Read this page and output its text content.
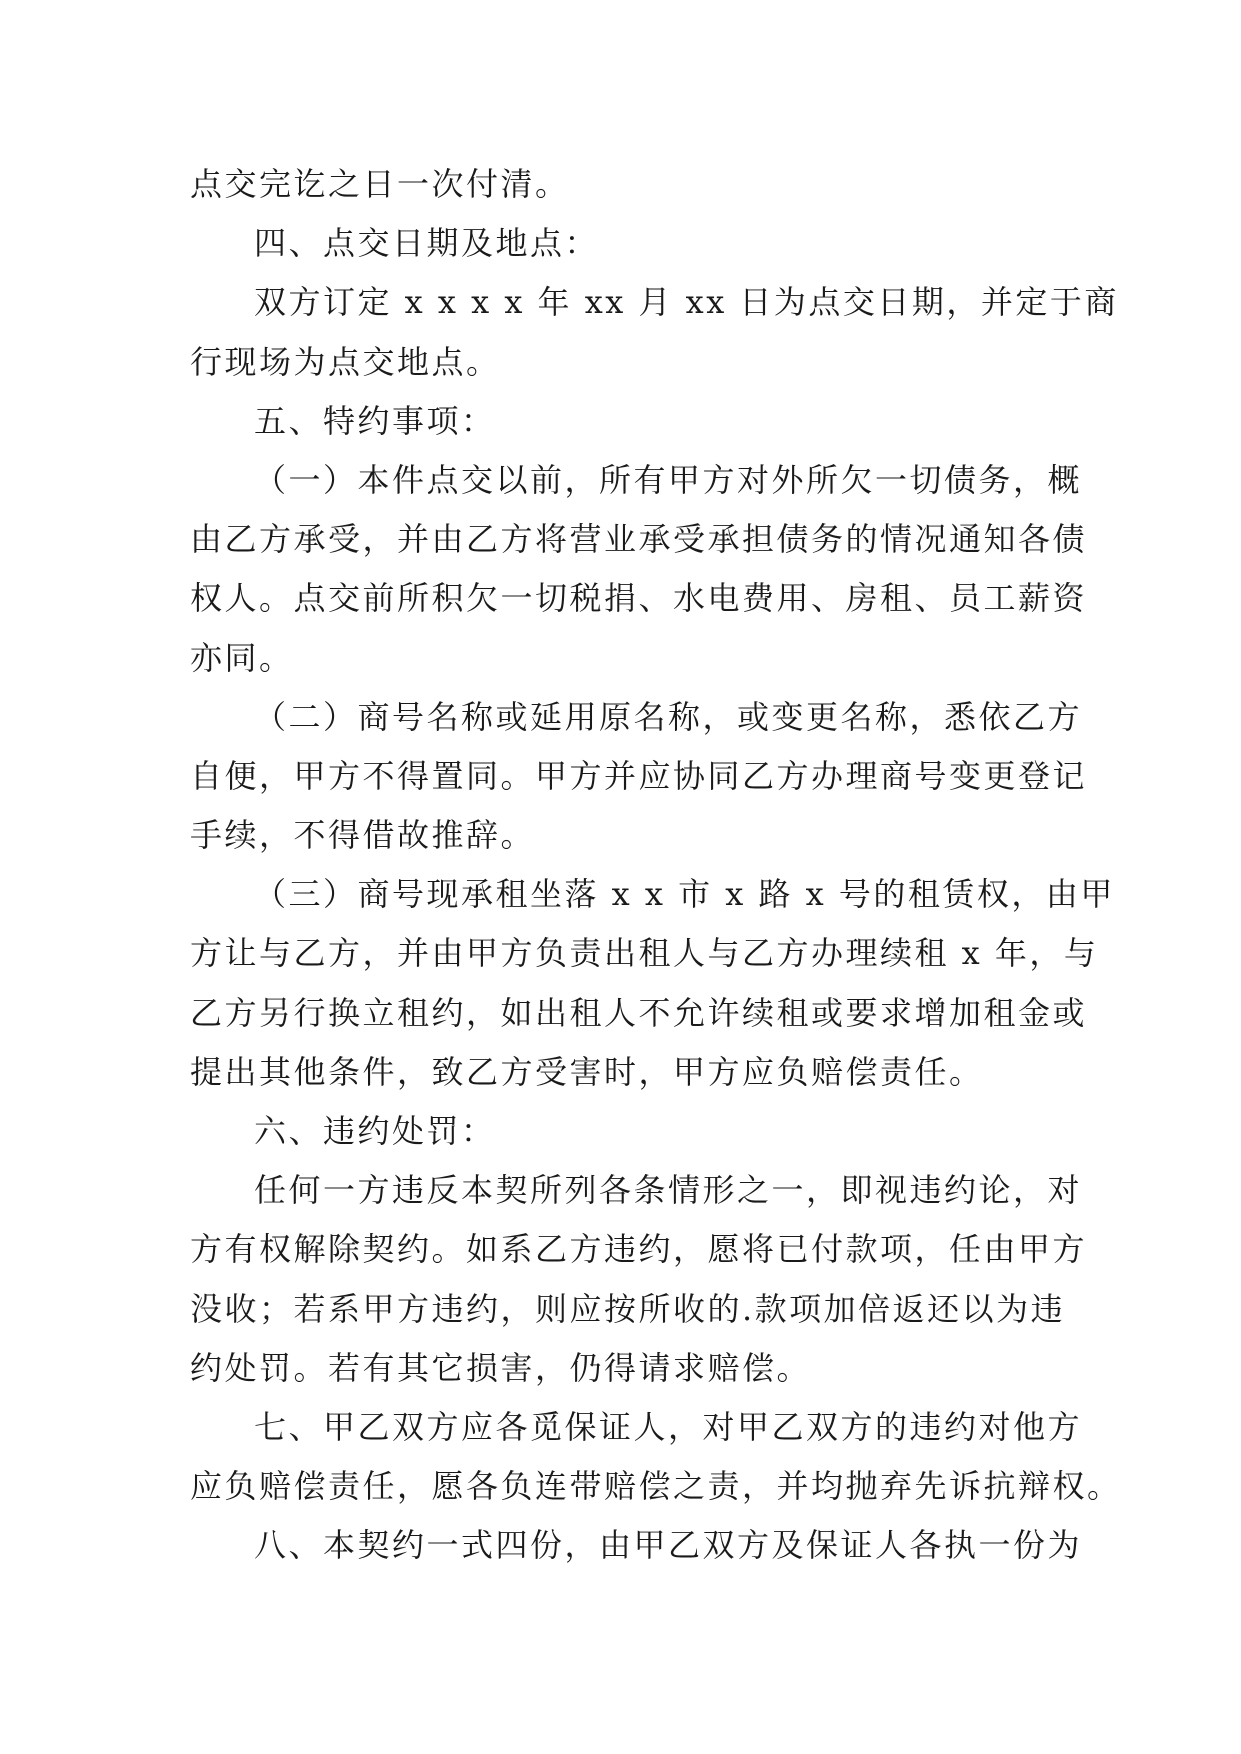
点交完讫之日一次付清。
四、点交日期及地点：
双方订定 x x x x 年 xx 月 xx 日为点交日期，并定于商
行现场为点交地点。
五、特约事项：
（一）本件点交以前，所有甲方对外所欠一切债务，概
由乙方承受，并由乙方将营业承受承担债务的情况通知各债
权人。点交前所积欠一切税捐、水电费用、房租、员工薪资
亦同。
（二）商号名称或延用原名称，或变更名称，悉依乙方
自便，甲方不得置同。甲方并应协同乙方办理商号变更登记
手续，不得借故推辞。
（三）商号现承租坐落 x x 市 x 路 x 号的租赁权，由甲
方让与乙方，并由甲方负责出租人与乙方办理续租 x 年，与
乙方另行换立租约，如出租人不允许续租或要求增加租金或
提出其他条件，致乙方受害时，甲方应负赔偿责任。
六、违约处罚：
任何一方违反本契所列各条情形之一，即视违约论，对
方有权解除契约。如系乙方违约，愿将已付款项，任由甲方
没收；若系甲方违约，则应按所收的.款项加倍返还以为违
约处罚。若有其它损害，仍得请求赔偿。
七、甲乙双方应各觅保证人，对甲乙双方的违约对他方
应负赔偿责任，愿各负连带赔偿之责，并均抛弃先诉抗辩权。
八、本契约一式四份，由甲乙双方及保证人各执一份为
